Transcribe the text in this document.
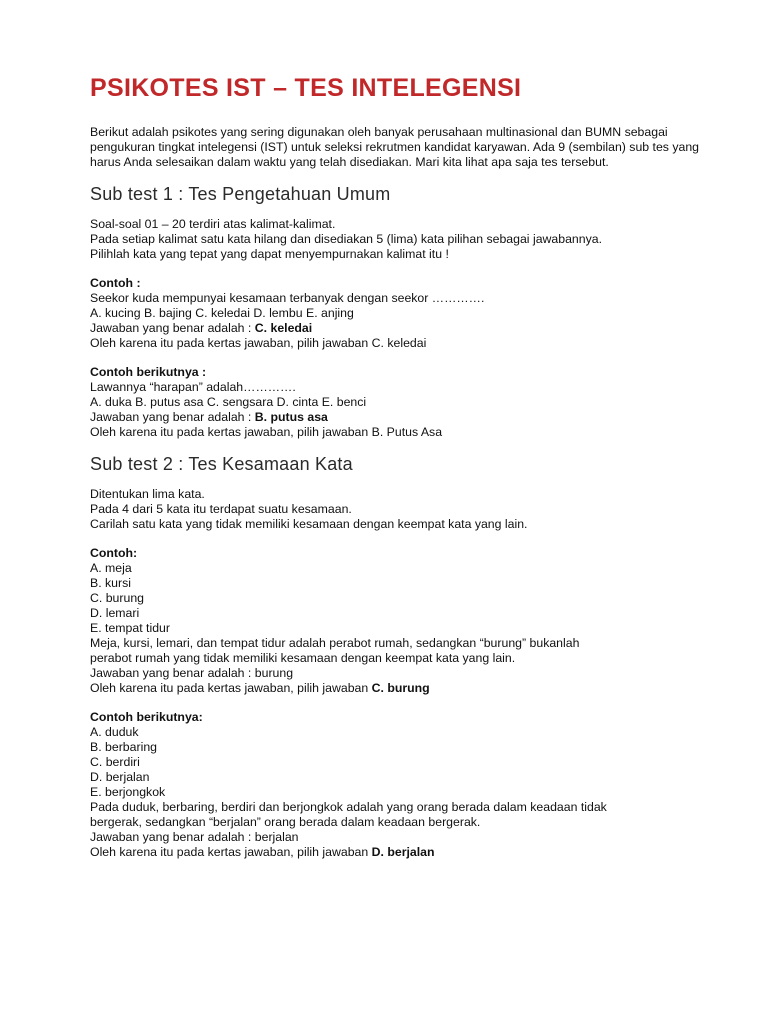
PSIKOTES IST – TES INTELEGENSI

Berikut adalah psikotes yang sering digunakan oleh banyak perusahaan multinasional dan BUMN sebagai pengukuran tingkat intelegensi (IST) untuk seleksi rekrutmen kandidat karyawan. Ada 9 (sembilan) sub tes yang harus Anda selesaikan dalam waktu yang telah disediakan. Mari kita lihat apa saja tes tersebut.

Sub test 1 : Tes Pengetahuan Umum
Soal-soal 01 – 20 terdiri atas kalimat-kalimat.
Pada setiap kalimat satu kata hilang dan disediakan 5 (lima) kata pilihan sebagai jawabannya.
Pilihlah kata yang tepat yang dapat menyempurnakan kalimat itu !
Contoh :
Seekor kuda mempunyai kesamaan terbanyak dengan seekor ………….
A. kucing B. bajing C. keledai D. lembu E. anjing
Jawaban yang benar adalah : C. keledai
Oleh karena itu pada kertas jawaban, pilih jawaban C. keledai
Contoh berikutnya :
Lawannya “harapan” adalah………….
A. duka B. putus asa C. sengsara D. cinta E. benci
Jawaban yang benar adalah : B. putus asa
Oleh karena itu pada kertas jawaban, pilih jawaban B. Putus Asa
Sub test 2 : Tes Kesamaan Kata
Ditentukan lima kata.
Pada 4 dari 5 kata itu terdapat suatu kesamaan.
Carilah satu kata yang tidak memiliki kesamaan dengan keempat kata yang lain.
Contoh:
A. meja
B. kursi
C. burung
D. lemari
E. tempat tidur
Meja, kursi, lemari, dan tempat tidur adalah perabot rumah, sedangkan “burung” bukanlah
perabot rumah yang tidak memiliki kesamaan dengan keempat kata yang lain.
Jawaban yang benar adalah : burung
Oleh karena itu pada kertas jawaban, pilih jawaban C. burung
Contoh berikutnya:
A. duduk
B. berbaring
C. berdiri
D. berjalan
E. berjongkok
Pada duduk, berbaring, berdiri dan berjongkok adalah yang orang berada dalam keadaan tidak
bergerak, sedangkan “berjalan” orang berada dalam keadaan bergerak.
Jawaban yang benar adalah : berjalan
Oleh karena itu pada kertas jawaban, pilih jawaban D. berjalan
